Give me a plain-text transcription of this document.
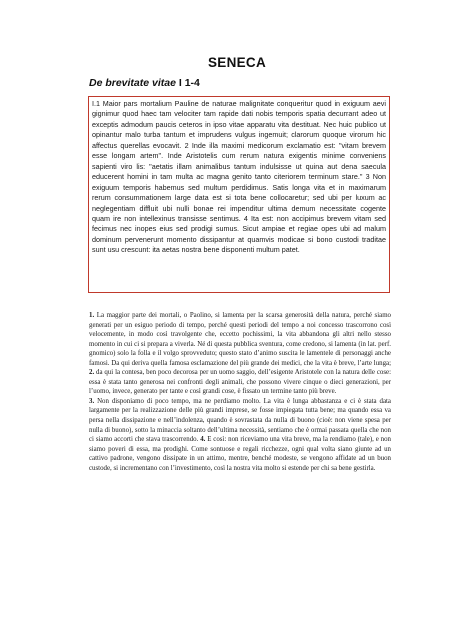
SENECA
De brevitate vitae I 1-4
I.1 Maior pars mortalium Pauline de naturae malignitate conqueritur quod in exiguum aevi
gignimur quod haec tam velociter tam rapide dati nobis temporis spatia decurrant adeo ut
exceptis admodum paucis ceteros in ipso vitae apparatu vita destituat. Nec huic publico ut
opinantur malo turba tantum et imprudens vulgus ingemuit; clarorum quoque virorum hic
affectus querellas evocavit. 2 Inde illa maximi medicorum exclamatio est: "vitam brevem
esse longam artem". Inde Aristotelis cum rerum natura exigentis minime conveniens
sapienti viro lis: "aetatis illam animalibus tantum indulsisse ut quina aut dena saecula
educerent homini in tam multa ac magna genito tanto citeriorem terminum stare." 3 Non
exiguum temporis habemus sed multum perdidimus. Satis longa vita et in maximarum
rerum consummationem large data est si tota bene collocaretur; sed ubi per luxum ac
neglegentiam diffluit ubi nulli bonae rei impenditur ultima demum necessitate cogente
quam ire non intellexinus transisse sentimus. 4 Ita est: non accipimus brevem vitam sed
fecimus nec inopes eius sed prodigi sumus. Sicut ampiae et regiae opes ubi ad malum
dominum pervenerunt momento dissipantur at quamvis modicae si bono custodi traditae
sunt usu crescunt: ita aetas nostra bene disponenti multum patet.
1. La maggior parte dei mortali, o Paolino, si lamenta per la scarsa generosità della natura, perché siamo generati per un esiguo periodo di tempo, perché questi periodi del tempo a noi concesso trascorrono così velocemente, in modo così travolgente che, eccetto pochissimi, la vita abbandona gli altri nello stesso momento in cui ci si prepara a viverla. Né di questa pubblica sventura, come credono, si lamenta (in lat. perf. gnomico) solo la folla e il volgo sprovveduto; questo stato d’animo suscita le lamentele di personaggi anche famosi. Da qui deriva quella famosa esclamazione del più grande dei medici, che la vita è breve, l’arte lunga; 2. da qui la contesa, ben poco decorosa per un uomo saggio, dell’esigente Aristotele con la natura delle cose: essa è stata tanto generosa nei confronti degli animali, che possono vivere cinque o dieci generazioni, per l’uomo, invece, generato per tante e così grandi cose, è fissato un termine tanto più breve.
3. Non disponiamo di poco tempo, ma ne perdiamo molto. La vita è lunga abbastanza e ci è stata data largamente per la realizzazione delle più grandi imprese, se fosse impiegata tutta bene; ma quando essa va persa nella dissipazione e nell’indolenza, quando è sovrastata da nulla di buono (cioè: non viene spesa per nulla di buono), sotto la minaccia soltanto dell’ultima necessità, sentiamo che è ormai passata quella che non ci siamo accorti che stava trascorrendo. 4. E così: non riceviamo una vita breve, ma la rendiamo (tale), e non siamo poveri di essa, ma prodighi. Come sontuose e regali ricchezze, ogni qual volta siano giunte ad un cattivo padrone, vengono dissipate in un attimo, mentre, benché modeste, se vengono affidate ad un buon custode, si incrementano con l’investimento, così la nostra vita molto si estende per chi sa bene gestirla.
